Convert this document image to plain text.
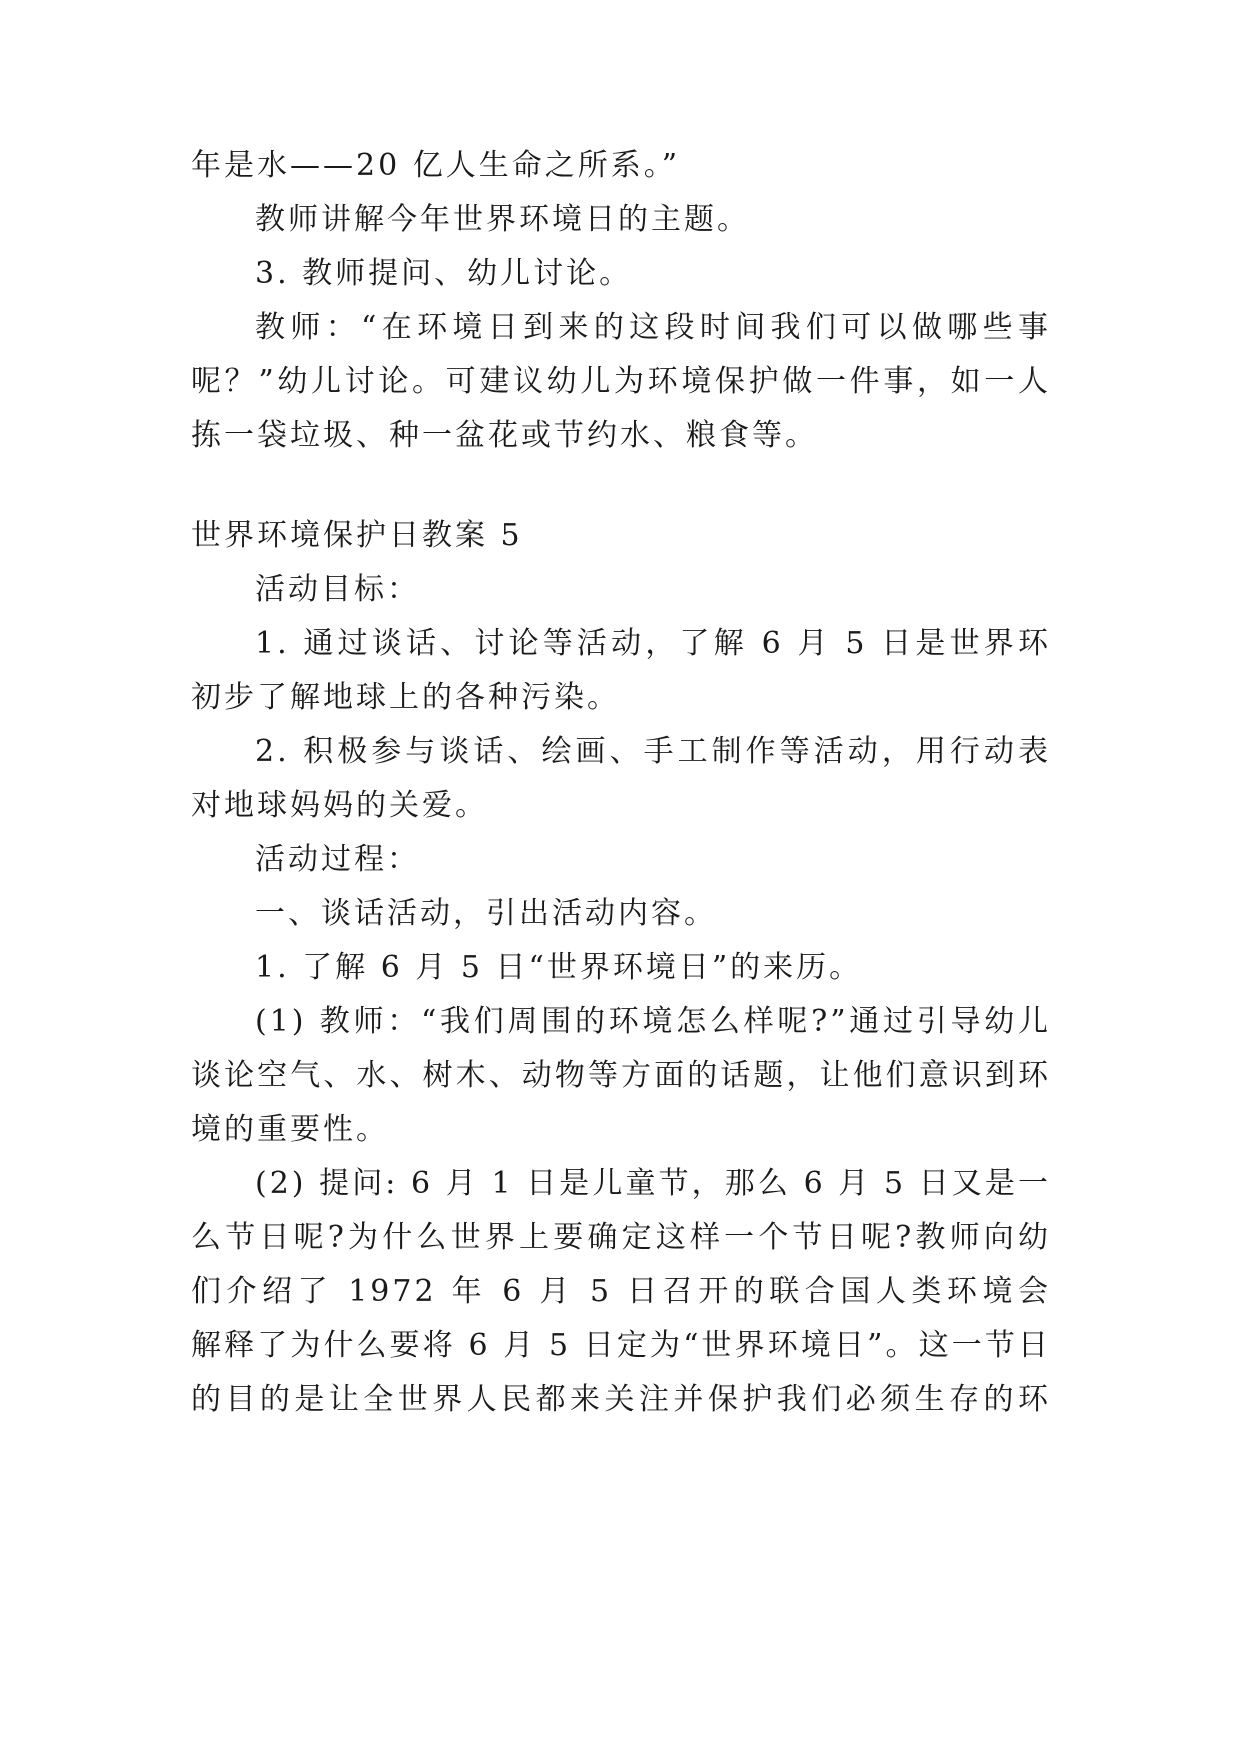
年是水——20 亿人生命之所系。”
教师讲解今年世界环境日的主题。
3. 教师提问、幼儿讨论。
教师：“在环境日到来的这段时间我们可以做哪些事
呢？”幼儿讨论。可建议幼儿为环境保护做一件事，如一人
拣一袋垃圾、种一盆花或节约水、粮食等。
世界环境保护日教案 5
活动目标：
1. 通过谈话、讨论等活动，了解 6 月 5 日是世界环
初步了解地球上的各种污染。
2. 积极参与谈话、绘画、手工制作等活动，用行动表
对地球妈妈的关爱。
活动过程：
一、谈话活动，引出活动内容。
1. 了解 6 月 5 日“世界环境日”的来历。
(1) 教师：“我们周围的环境怎么样呢?”通过引导幼儿
谈论空气、水、树木、动物等方面的话题，让他们意识到环
境的重要性。
(2) 提问: 6 月 1 日是儿童节，那么 6 月 5 日又是一
么节日呢?为什么世界上要确定这样一个节日呢?教师向幼
们介绍了 1972 年 6 月 5 日召开的联合国人类环境会
解释了为什么要将 6 月 5 日定为“世界环境日”。这一节日
的目的是让全世界人民都来关注并保护我们必须生存的环
